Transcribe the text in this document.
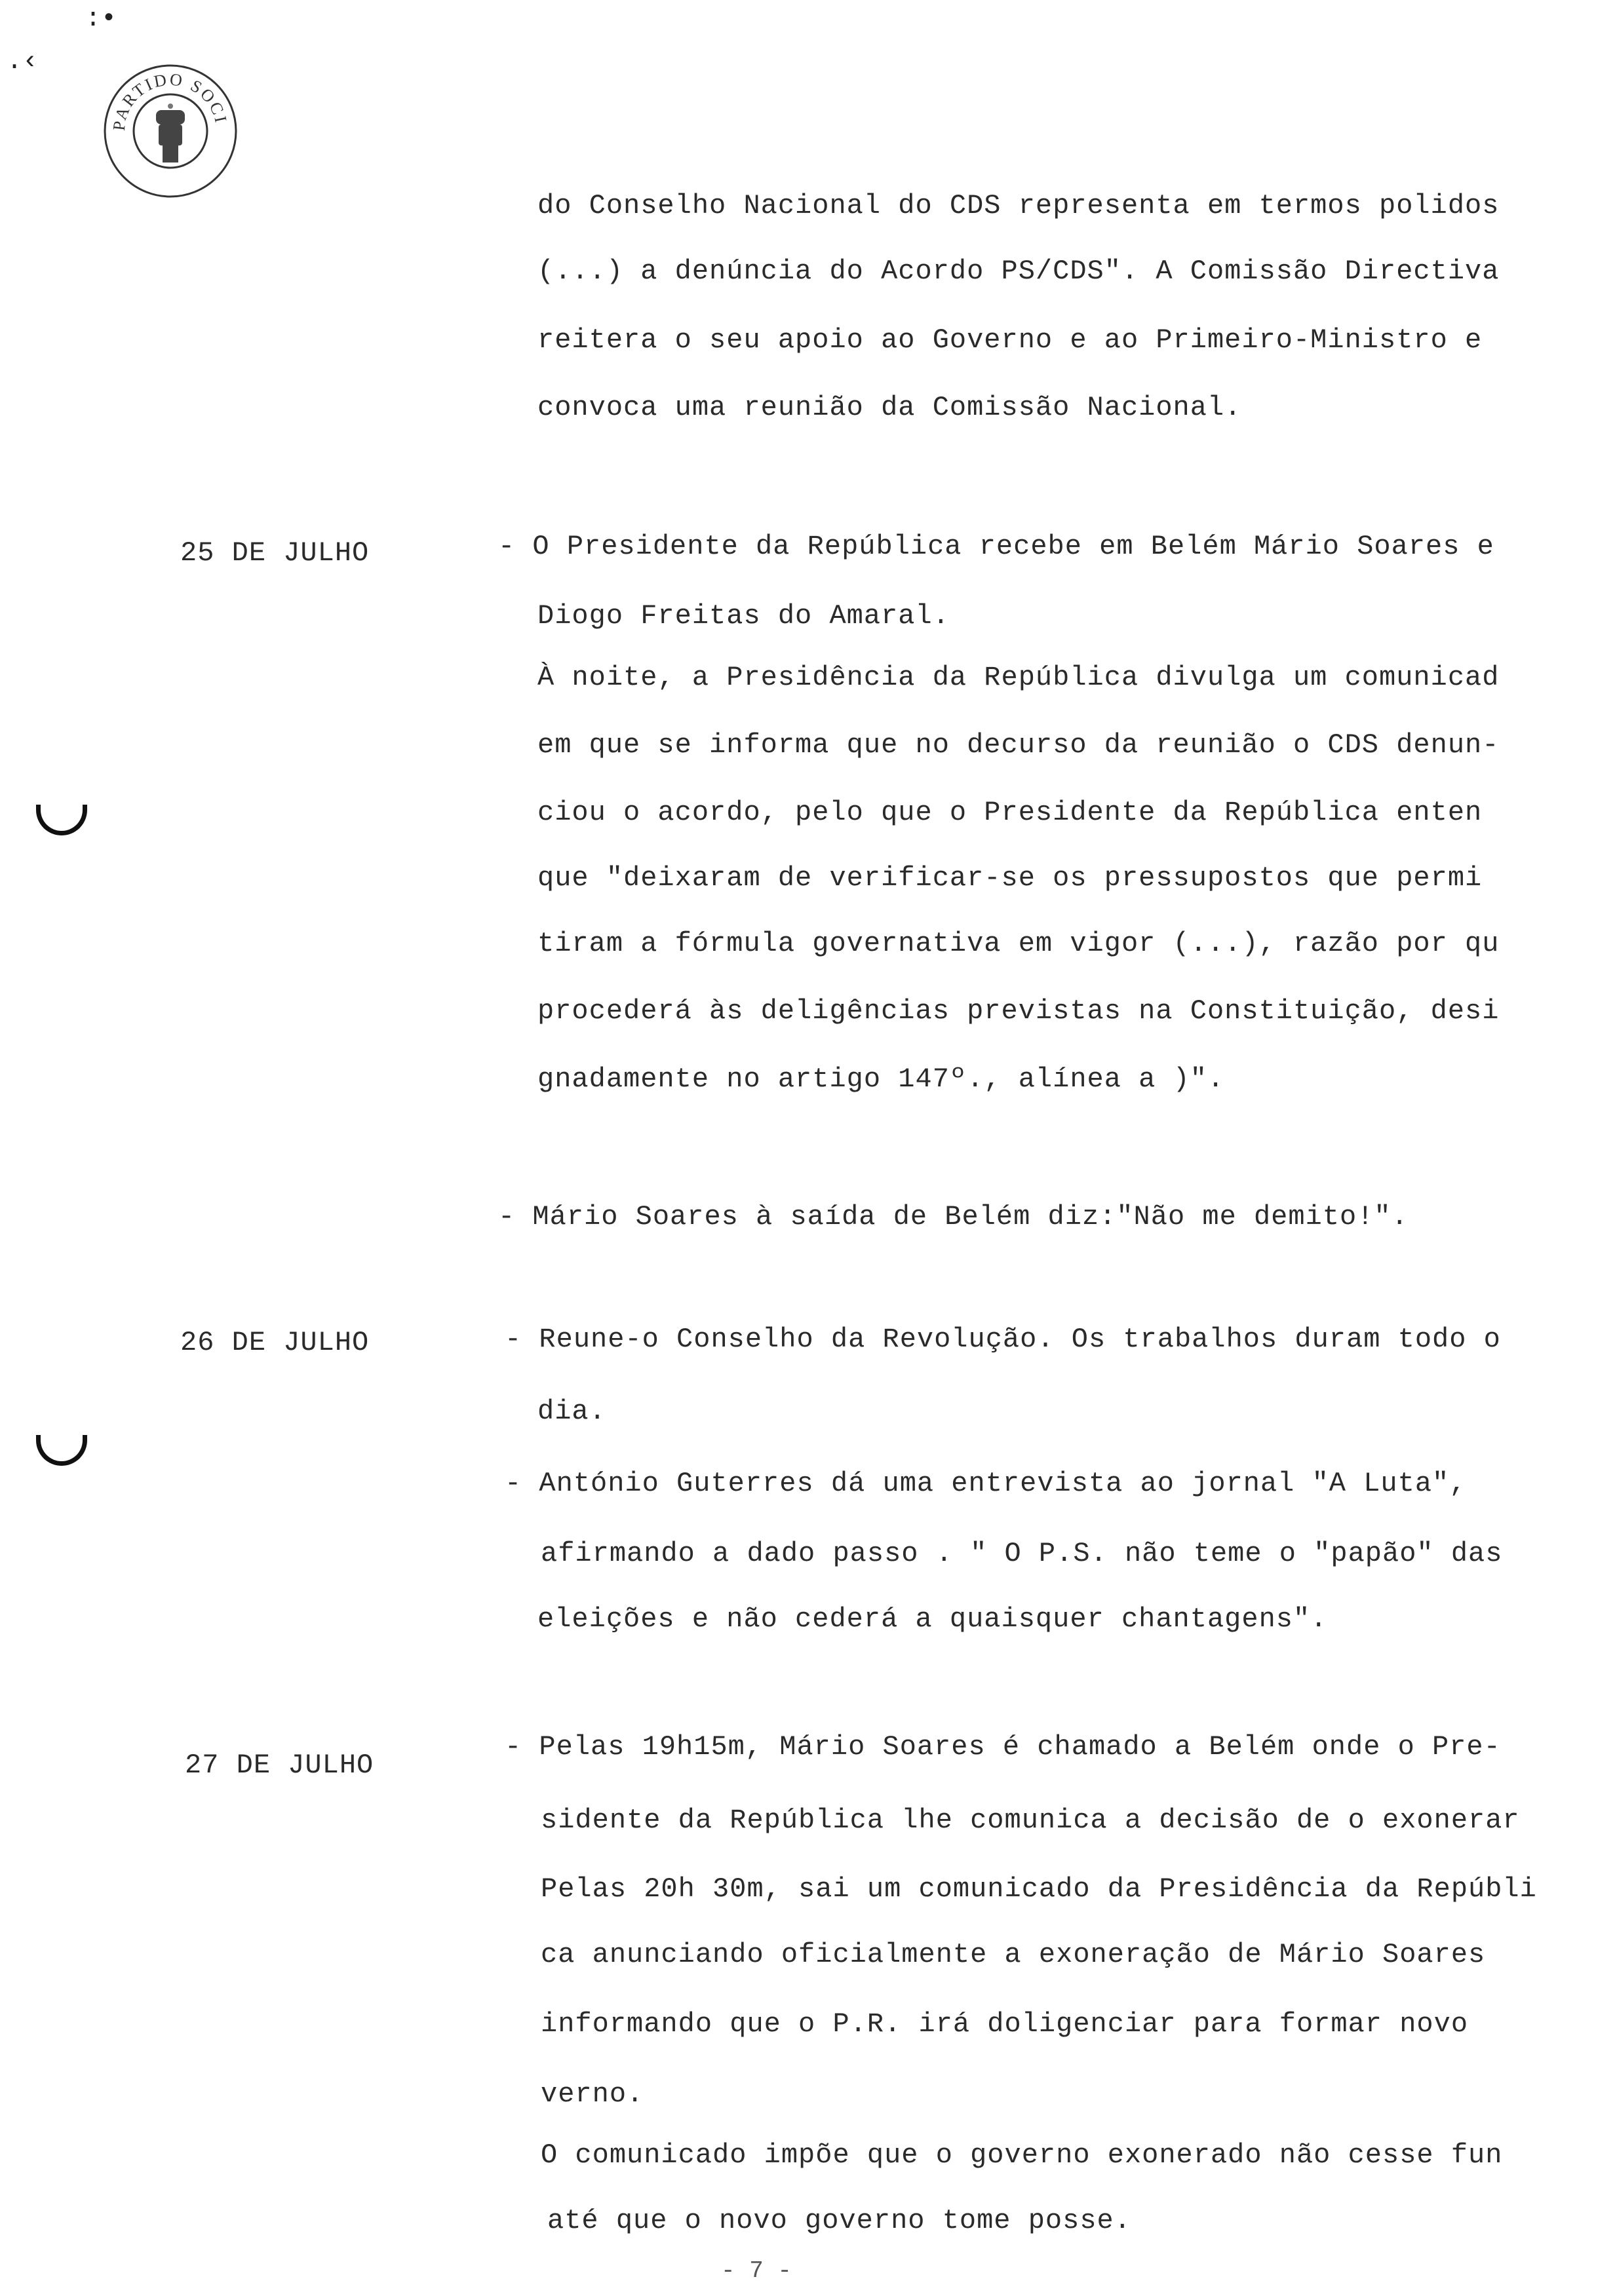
PARTIDO SOCI
:•
.‹
do Conselho Nacional do CDS representa em termos polidos
(...) a denúncia do Acordo PS/CDS". A Comissão Directiva
reitera o seu apoio ao Governo e ao Primeiro-Ministro e
convoca uma reunião da Comissão Nacional.
25 DE JULHO	- O Presidente da República recebe em Belém Mário Soares e
Diogo Freitas do Amaral.
À noite, a Presidência da República divulga um comunicad
em que se informa que no decurso da reunião o CDS denun-
ciou o acordo, pelo que o Presidente da República enten
que "deixaram de verificar-se os pressupostos que permi
tiram a fórmula governativa em vigor (...), razão por qu
procederá às deligências previstas na Constituição, desi
gnadamente no artigo 147º., alínea a )".
- Mário Soares à saída de Belém diz:"Não me demito!".
26 DE JULHO	- Reune-o Conselho da Revolução. Os trabalhos duram todo o
dia.
- António Guterres dá uma entrevista ao jornal "A Luta",
afirmando a dado passo . " O P.S. não teme o "papão" das
eleições e não cederá a quaisquer chantagens".
27 DE JULHO
- Pelas 19h15m, Mário Soares é chamado a Belém onde o Pre-
sidente da República lhe comunica a decisão de o exonerar
Pelas 20h 30m, sai um comunicado da Presidência da Repúbli
ca anunciando oficialmente a exoneração de Mário Soares
informando que o P.R. irá doligenciar para formar novo
verno.
O comunicado impõe que o governo exonerado não cesse fun
até que o novo governo tome posse.
- 7 -
